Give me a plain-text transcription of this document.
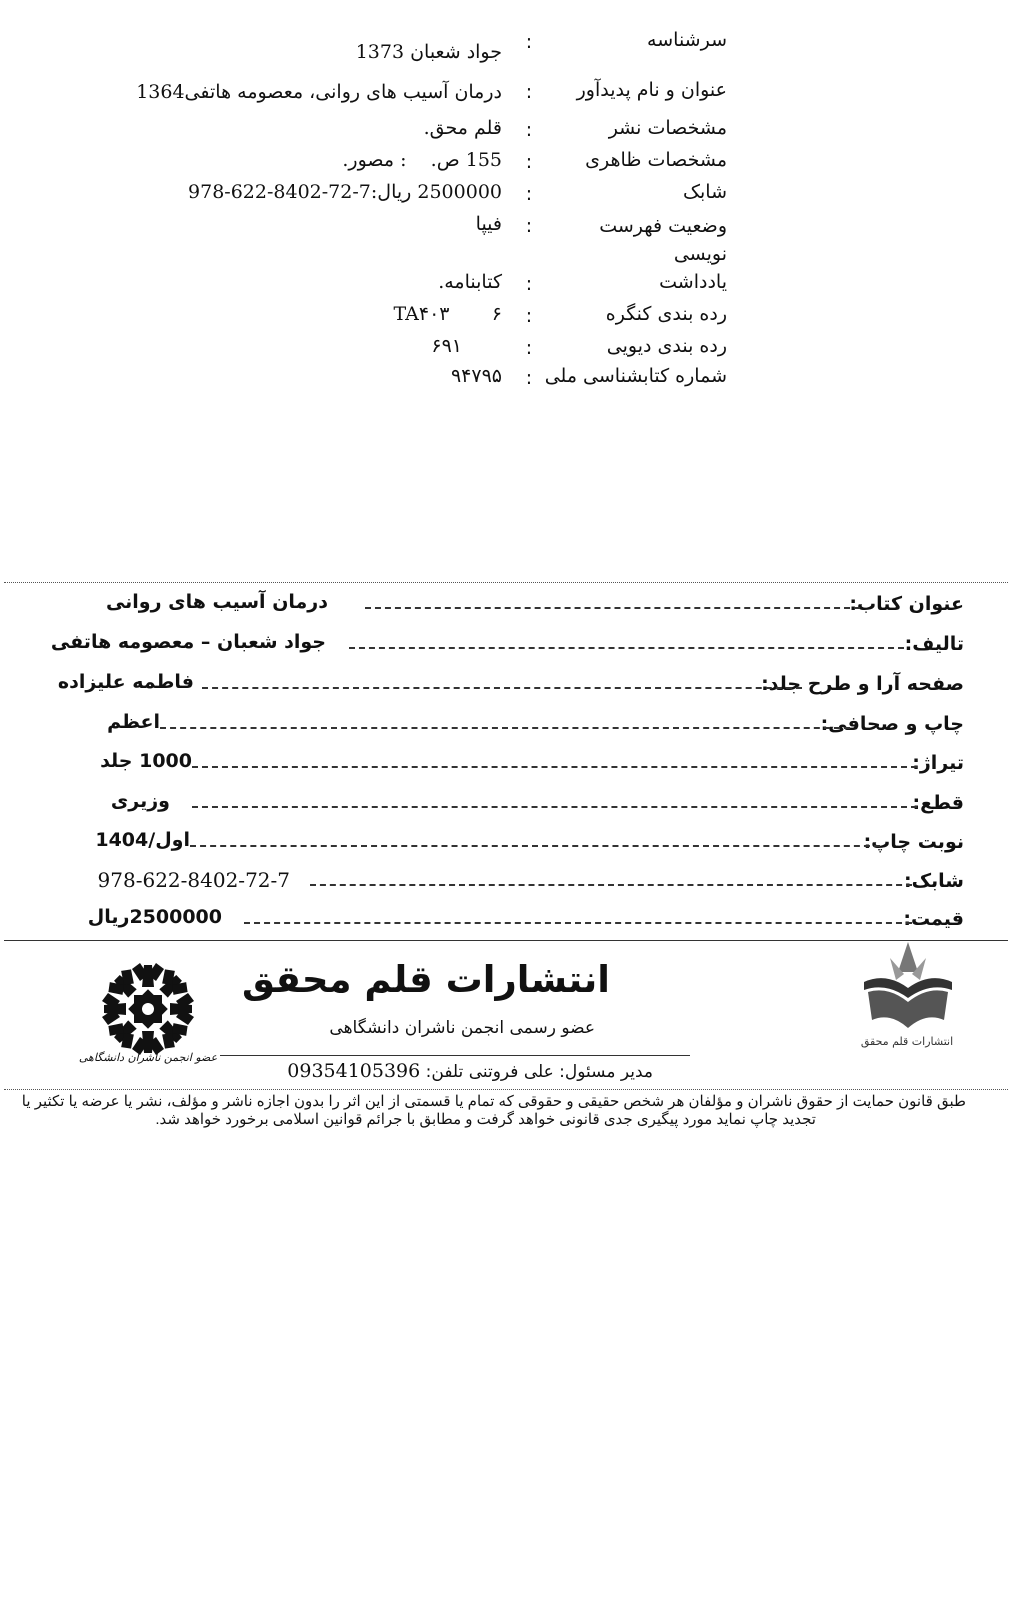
سرشناسه
:
جواد شعبان 1373
عنوان و نام پدیدآور
:
درمان آسیب های روانی، معصومه هاتفی1364
مشخصات نشر
:
قلم محق.
مشخصات ظاهری
:
155 ص.    : مصور.
شابک
:
2500000 ریال:7-72-8402-622-978
وضعیت فهرست نویسی
:
فیپا
یادداشت
:
کتابنامه.
رده بندی کنگره
:
TA۴۰۳       ۶
رده بندی دیویی
:
۶۹۱
شماره کتابشناسی ملی
:
۹۴۷۹۵
عنوان کتاب:
درمان آسیب های روانی
تالیف:
جواد شعبان – معصومه هاتفی
صفحه آرا و طرح جلد:
فاطمه علیزاده
چاپ و صحافی:
اعظم
تیراژ:
1000 جلد
قطع:
وزیری
نوبت چاپ:
اول/1404
شابک:
978-622-8402-72-7
قیمت:
2500000ریال
انتشارات قلم محقق
انتشارات قلم محقق
عضو رسمی انجمن ناشران دانشگاهی
مدیر مسئول: علی فروتنی تلفن: 09354105396
عضو انجمن ناشران دانشگاهی
طبق قانون حمایت از حقوق ناشران و مؤلفان هر شخص حقیقی و حقوقی که تمام یا قسمتی از این اثر را بدون اجازه ناشر و مؤلف، نشر یا عرضه یا تکثیر یا
تجدید چاپ نماید مورد پیگیری جدی قانونی خواهد گرفت و مطابق با جرائم قوانین اسلامی برخورد خواهد شد.
